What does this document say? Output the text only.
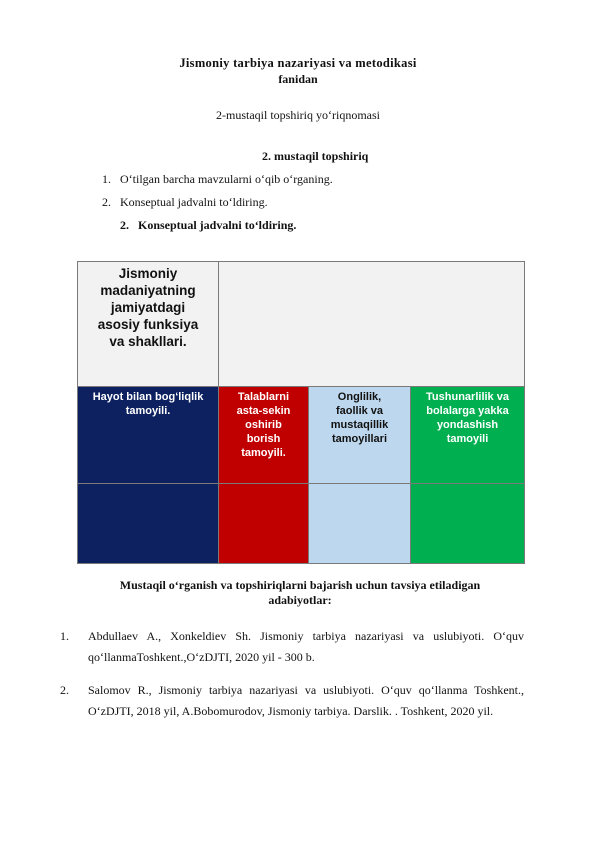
Jismoniy tarbiya nazariyasi va metodikasi
fanidan
2-mustaqil topshiriq yo‘riqnomasi
2. mustaqil topshiriq
1. O‘tilgan barcha mavzularni o‘qib o‘rganing.
2. Konseptual jadvalni to‘ldiring.
2. Konseptual jadvalni to‘ldiring.
Jismoniy madaniyatning jamiyatdagi asosiy funksiya va shakllari.			

Hayot bilan bog‘liqlik tamoyili.	Talablarni asta-sekin oshirib borish tamoyili.	Onglilik, faollik va mustaqillik tamoyillari	Tushunarlilik va bolalarga yakka yondashish tamoyili

Mustaqil o‘rganish va topshiriqlarni bajarish uchun tavsiya etiladigan adabiyotlar:
1. Abdullaev A., Xonkeldiev Sh. Jismoniy tarbiya nazariyasi va uslubiyoti. O‘quv qo‘llanmaToshkent.,O‘zDJTI, 2020 yil - 300 b.
2. Salomov R., Jismoniy tarbiya nazariyasi va uslubiyoti. O‘quv qo‘llanma Toshkent., O‘zDJTI, 2018 yil, A.Bobomurodov, Jismoniy tarbiya. Darslik. . Toshkent, 2020 yil.
